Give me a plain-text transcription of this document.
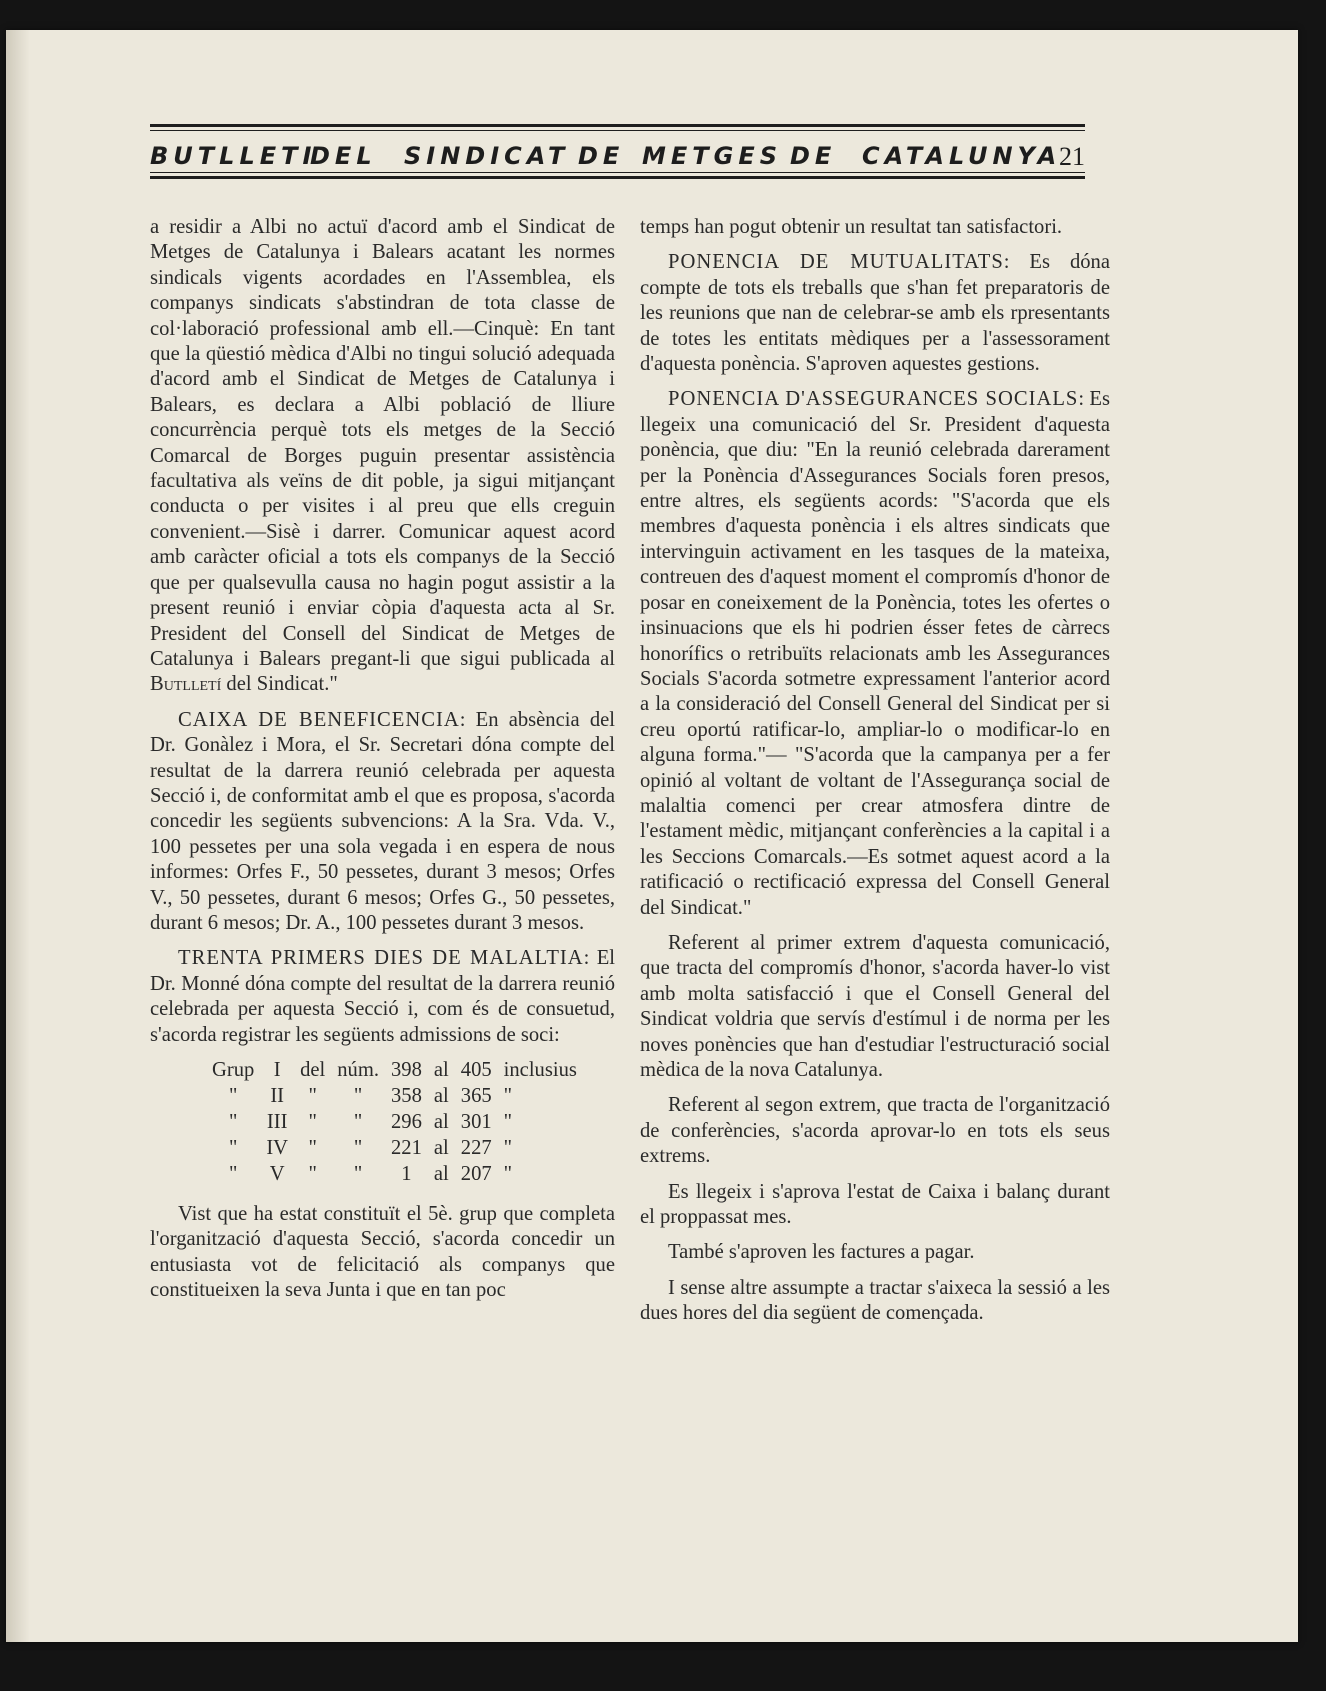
BUTLLETI
DEL SINDICAT DE METGES DE CATALUNYA
21

a residir a Albi no actuï d'acord amb el Sindicat de Metges de Catalunya i Balears acatant les normes sindicals vigents acordades en l'Assemblea, els companys sindicats s'abstindran de tota classe de col·laboració professional amb ell.—Cinquè: En tant que la qüestió mèdica d'Albi no tingui solució adequada d'acord amb el Sindicat de Metges de Catalunya i Balears, es declara a Albi població de lliure concurrència perquè tots els metges de la Secció Comarcal de Borges puguin presentar assistència facultativa als veïns de dit poble, ja sigui mitjançant conducta o per visites i al preu que ells creguin convenient.—Sisè i darrer. Comunicar aquest acord amb caràcter oficial a tots els companys de la Secció que per qualsevulla causa no hagin pogut assistir a la present reunió i enviar còpia d'aquesta acta al Sr. President del Consell del Sindicat de Metges de Catalunya i Balears pregant-li que sigui publicada al Butlletí del Sindicat."

CAIXA DE BENEFICENCIA: En absència del Dr. Gonàlez i Mora, el Sr. Secretari dóna compte del resultat de la darrera reunió celebrada per aquesta Secció i, de conformitat amb el que es proposa, s'acorda concedir les següents subvencions: A la Sra. Vda. V., 100 pessetes per una sola vegada i en espera de nous informes: Orfes F., 50 pessetes, durant 3 mesos; Orfes V., 50 pessetes, durant 6 mesos; Orfes G., 50 pessetes, durant 6 mesos; Dr. A., 100 pessetes durant 3 mesos.

TRENTA PRIMERS DIES DE MALALTIA: El Dr. Monné dóna compte del resultat de la darrera reunió celebrada per aquesta Secció i, com és de consuetud, s'acorda registrar les següents admissions de soci:

Grup	I	del	núm.	398	al	405	inclusius
"	II	"	"	358	al	365	"
"	III	"	"	296	al	301	"
"	IV	"	"	221	al	227	"
"	V	"	"	1	al	207	"

Vist que ha estat constituït el 5è. grup que completa l'organització d'aquesta Secció, s'acorda concedir un entusiasta vot de felicitació als companys que constitueixen la seva Junta i que en tan poc

temps han pogut obtenir un resultat tan satisfactori.

PONENCIA DE MUTUALITATS: Es dóna compte de tots els treballs que s'han fet preparatoris de les reunions que nan de celebrar-se amb els rpresentants de totes les entitats mèdiques per a l'assessorament d'aquesta ponència. S'aproven aquestes gestions.

PONENCIA D'ASSEGURANCES SOCIALS: Es llegeix una comunicació del Sr. President d'aquesta ponència, que diu: "En la reunió celebrada darerament per la Ponència d'Assegurances Socials foren presos, entre altres, els següents acords: "S'acorda que els membres d'aquesta ponència i els altres sindicats que intervinguin activament en les tasques de la mateixa, contreuen des d'aquest moment el compromís d'honor de posar en coneixement de la Ponència, totes les ofertes o insinuacions que els hi podrien ésser fetes de càrrecs honorífics o retribuïts relacionats amb les Assegurances Socials S'acorda sotmetre expressament l'anterior acord a la consideració del Consell General del Sindicat per si creu oportú ratificar-lo, ampliar-lo o modificar-lo en alguna forma."— "S'acorda que la campanya per a fer opinió al voltant de voltant de l'Assegurança social de malaltia comenci per crear atmosfera dintre de l'estament mèdic, mitjançant conferències a la capital i a les Seccions Comarcals.—Es sotmet aquest acord a la ratificació o rectificació expressa del Consell General del Sindicat."

Referent al primer extrem d'aquesta comunicació, que tracta del compromís d'honor, s'acorda haver-lo vist amb molta satisfacció i que el Consell General del Sindicat voldria que servís d'estímul i de norma per les noves ponències que han d'estudiar l'estructuració social mèdica de la nova Catalunya.

Referent al segon extrem, que tracta de l'organització de conferències, s'acorda aprovar-lo en tots els seus extrems.

Es llegeix i s'aprova l'estat de Caixa i balanç durant el proppassat mes.

També s'aproven les factures a pagar.

I sense altre assumpte a tractar s'aixeca la sessió a les dues hores del dia següent de començada.
